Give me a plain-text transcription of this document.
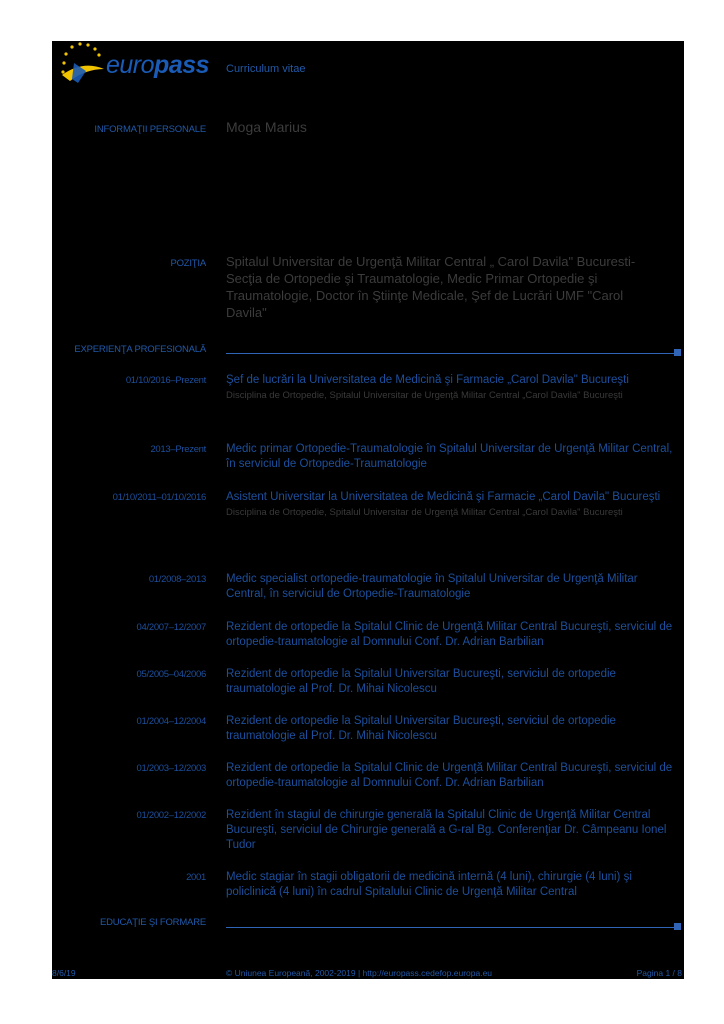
europass Curriculum vitae
INFORMAŢII PERSONALE Moga Marius
POZIŢIA Spitalul Universitar de Urgenţă Militar Central „ Carol Davila" Bucuresti- Secţia de Ortopedie şi Traumatologie, Medic Primar Ortopedie şi Traumatologie, Doctor în Ştiinţe Medicale, Şef de Lucrări UMF "Carol Davila"
EXPERIENŢA PROFESIONALĂ
01/10/2016–Prezent Şef de lucrări la Universitatea de Medicină şi Farmacie „Carol Davila" Bucureşti
Disciplina de Ortopedie, Spitalul Universitar de Urgenţă Militar Central „Carol Davila" Bucureşti
2013–Prezent Medic primar Ortopedie-Traumatologie în Spitalul Universitar de Urgenţă Militar Central, în serviciul de Ortopedie-Traumatologie
01/10/2011–01/10/2016 Asistent Universitar la Universitatea de Medicină şi Farmacie „Carol Davila" Bucureşti
Disciplina de Ortopedie, Spitalul Universitar de Urgenţă Militar Central „Carol Davila" Bucureşti
01/2008–2013 Medic specialist ortopedie-traumatologie în Spitalul Universitar de Urgenţă Militar Central, în serviciul de Ortopedie-Traumatologie
04/2007–12/2007 Rezident de ortopedie la Spitalul Clinic de Urgenţă Militar Central Bucureşti, serviciul de ortopedie-traumatologie al Domnului Conf. Dr. Adrian Barbilian
05/2005–04/2006 Rezident de ortopedie la Spitalul Universitar Bucureşti, serviciul de ortopedie traumatologie al Prof. Dr. Mihai Nicolescu
01/2004–12/2004 Rezident de ortopedie la Spitalul Universitar Bucureşti, serviciul de ortopedie traumatologie al Prof. Dr. Mihai Nicolescu
01/2003–12/2003 Rezident de ortopedie la Spitalul Clinic de Urgenţă Militar Central Bucureşti, serviciul de ortopedie-traumatologie al Domnului Conf. Dr. Adrian Barbilian
01/2002–12/2002 Rezident în stagiul de chirurgie generală la Spitalul Clinic de Urgenţă Militar Central Bucureşti, serviciul de Chirurgie generală a G-ral Bg. Conferenţiar Dr. Câmpeanu Ionel Tudor
2001 Medic stagiar în stagii obligatorii de medicină internă (4 luni), chirurgie (4 luni) şi policlinică (4 luni) în cadrul Spitalului Clinic de Urgenţă Militar Central
EDUCAŢIE ŞI FORMARE
8/6/19	© Uniunea Europeană, 2002-2019 | http://europass.cedefop.europa.eu	Pagina 1 / 8
